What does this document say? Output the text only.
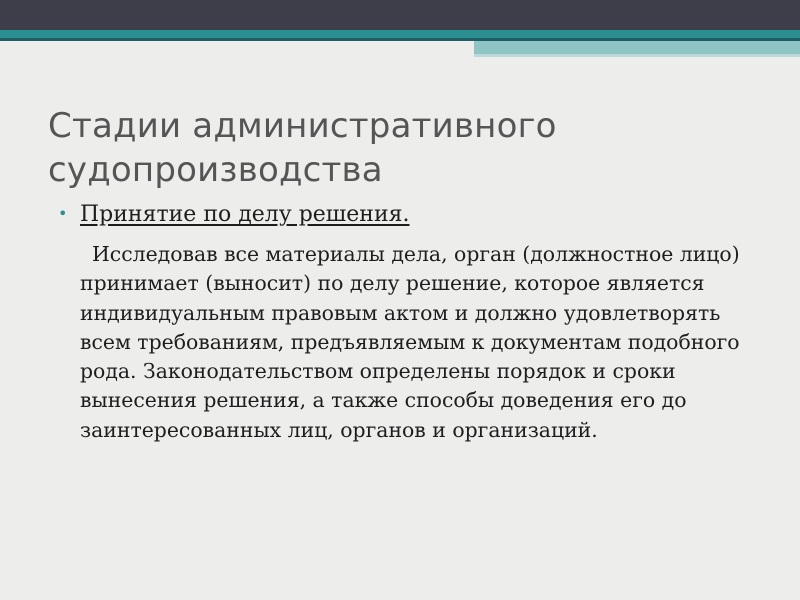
Стадии административного судопроизводства
• Принятие по делу решения.

Исследовав все материалы дела, орган (должностное лицо) принимает (выносит) по делу решение, которое является индивидуальным правовым актом и должно удовлетворять всем требованиям, предъявляемым к документам подобного рода. Законодательством определены порядок и сроки вынесения решения, а также способы доведения его до заинтересованных лиц, органов и организаций.
